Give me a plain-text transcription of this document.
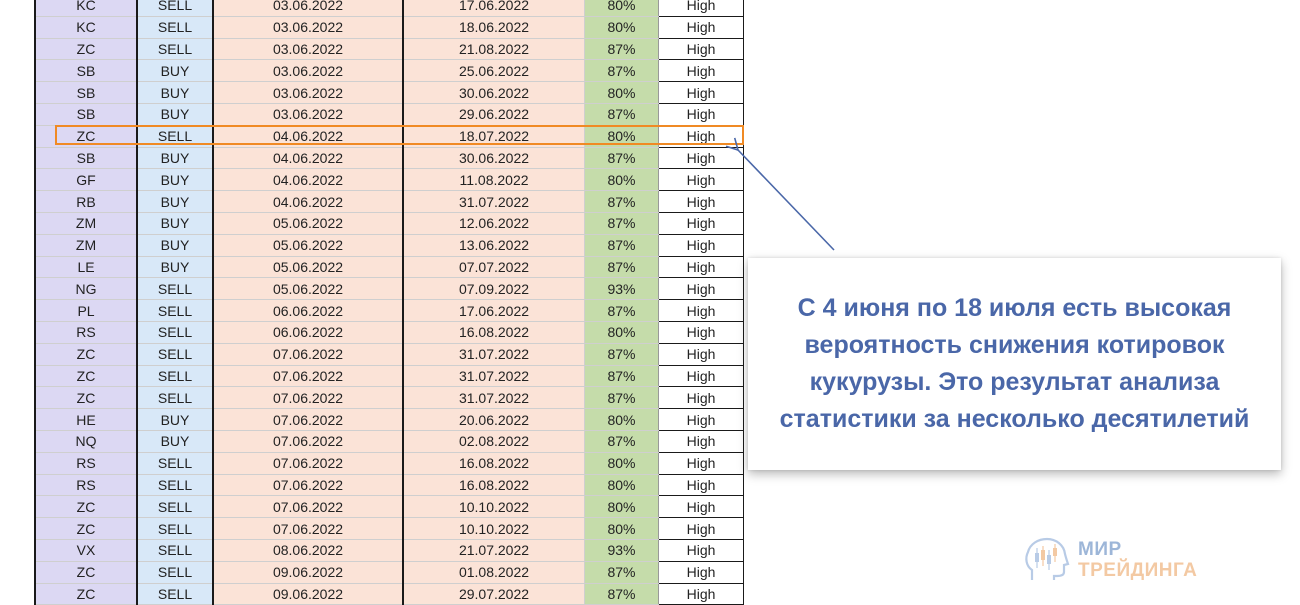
KC	SELL	03.06.2022	17.06.2022	80%	High
KC	SELL	03.06.2022	18.06.2022	80%	High
ZC	SELL	03.06.2022	21.08.2022	87%	High
SB	BUY	03.06.2022	25.06.2022	87%	High
SB	BUY	03.06.2022	30.06.2022	80%	High
SB	BUY	03.06.2022	29.06.2022	87%	High
ZC	SELL	04.06.2022	18.07.2022	80%	High
SB	BUY	04.06.2022	30.06.2022	87%	High
GF	BUY	04.06.2022	11.08.2022	80%	High
RB	BUY	04.06.2022	31.07.2022	87%	High
ZM	BUY	05.06.2022	12.06.2022	87%	High
ZM	BUY	05.06.2022	13.06.2022	87%	High
LE	BUY	05.06.2022	07.07.2022	87%	High
NG	SELL	05.06.2022	07.09.2022	93%	High
PL	SELL	06.06.2022	17.06.2022	87%	High
RS	SELL	06.06.2022	16.08.2022	80%	High
ZC	SELL	07.06.2022	31.07.2022	87%	High
ZC	SELL	07.06.2022	31.07.2022	87%	High
ZC	SELL	07.06.2022	31.07.2022	87%	High
HE	BUY	07.06.2022	20.06.2022	80%	High
NQ	BUY	07.06.2022	02.08.2022	87%	High
RS	SELL	07.06.2022	16.08.2022	80%	High
RS	SELL	07.06.2022	16.08.2022	80%	High
ZC	SELL	07.06.2022	10.10.2022	80%	High
ZC	SELL	07.06.2022	10.10.2022	80%	High
VX	SELL	08.06.2022	21.07.2022	93%	High
ZC	SELL	09.06.2022	01.08.2022	87%	High
ZC	SELL	09.06.2022	29.07.2022	87%	High
С 4 июня по 18 июля есть высокая вероятность снижения котировок кукурузы. Это результат анализа статистики за несколько десятилетий
МИР
ТРЕЙДИНГА
